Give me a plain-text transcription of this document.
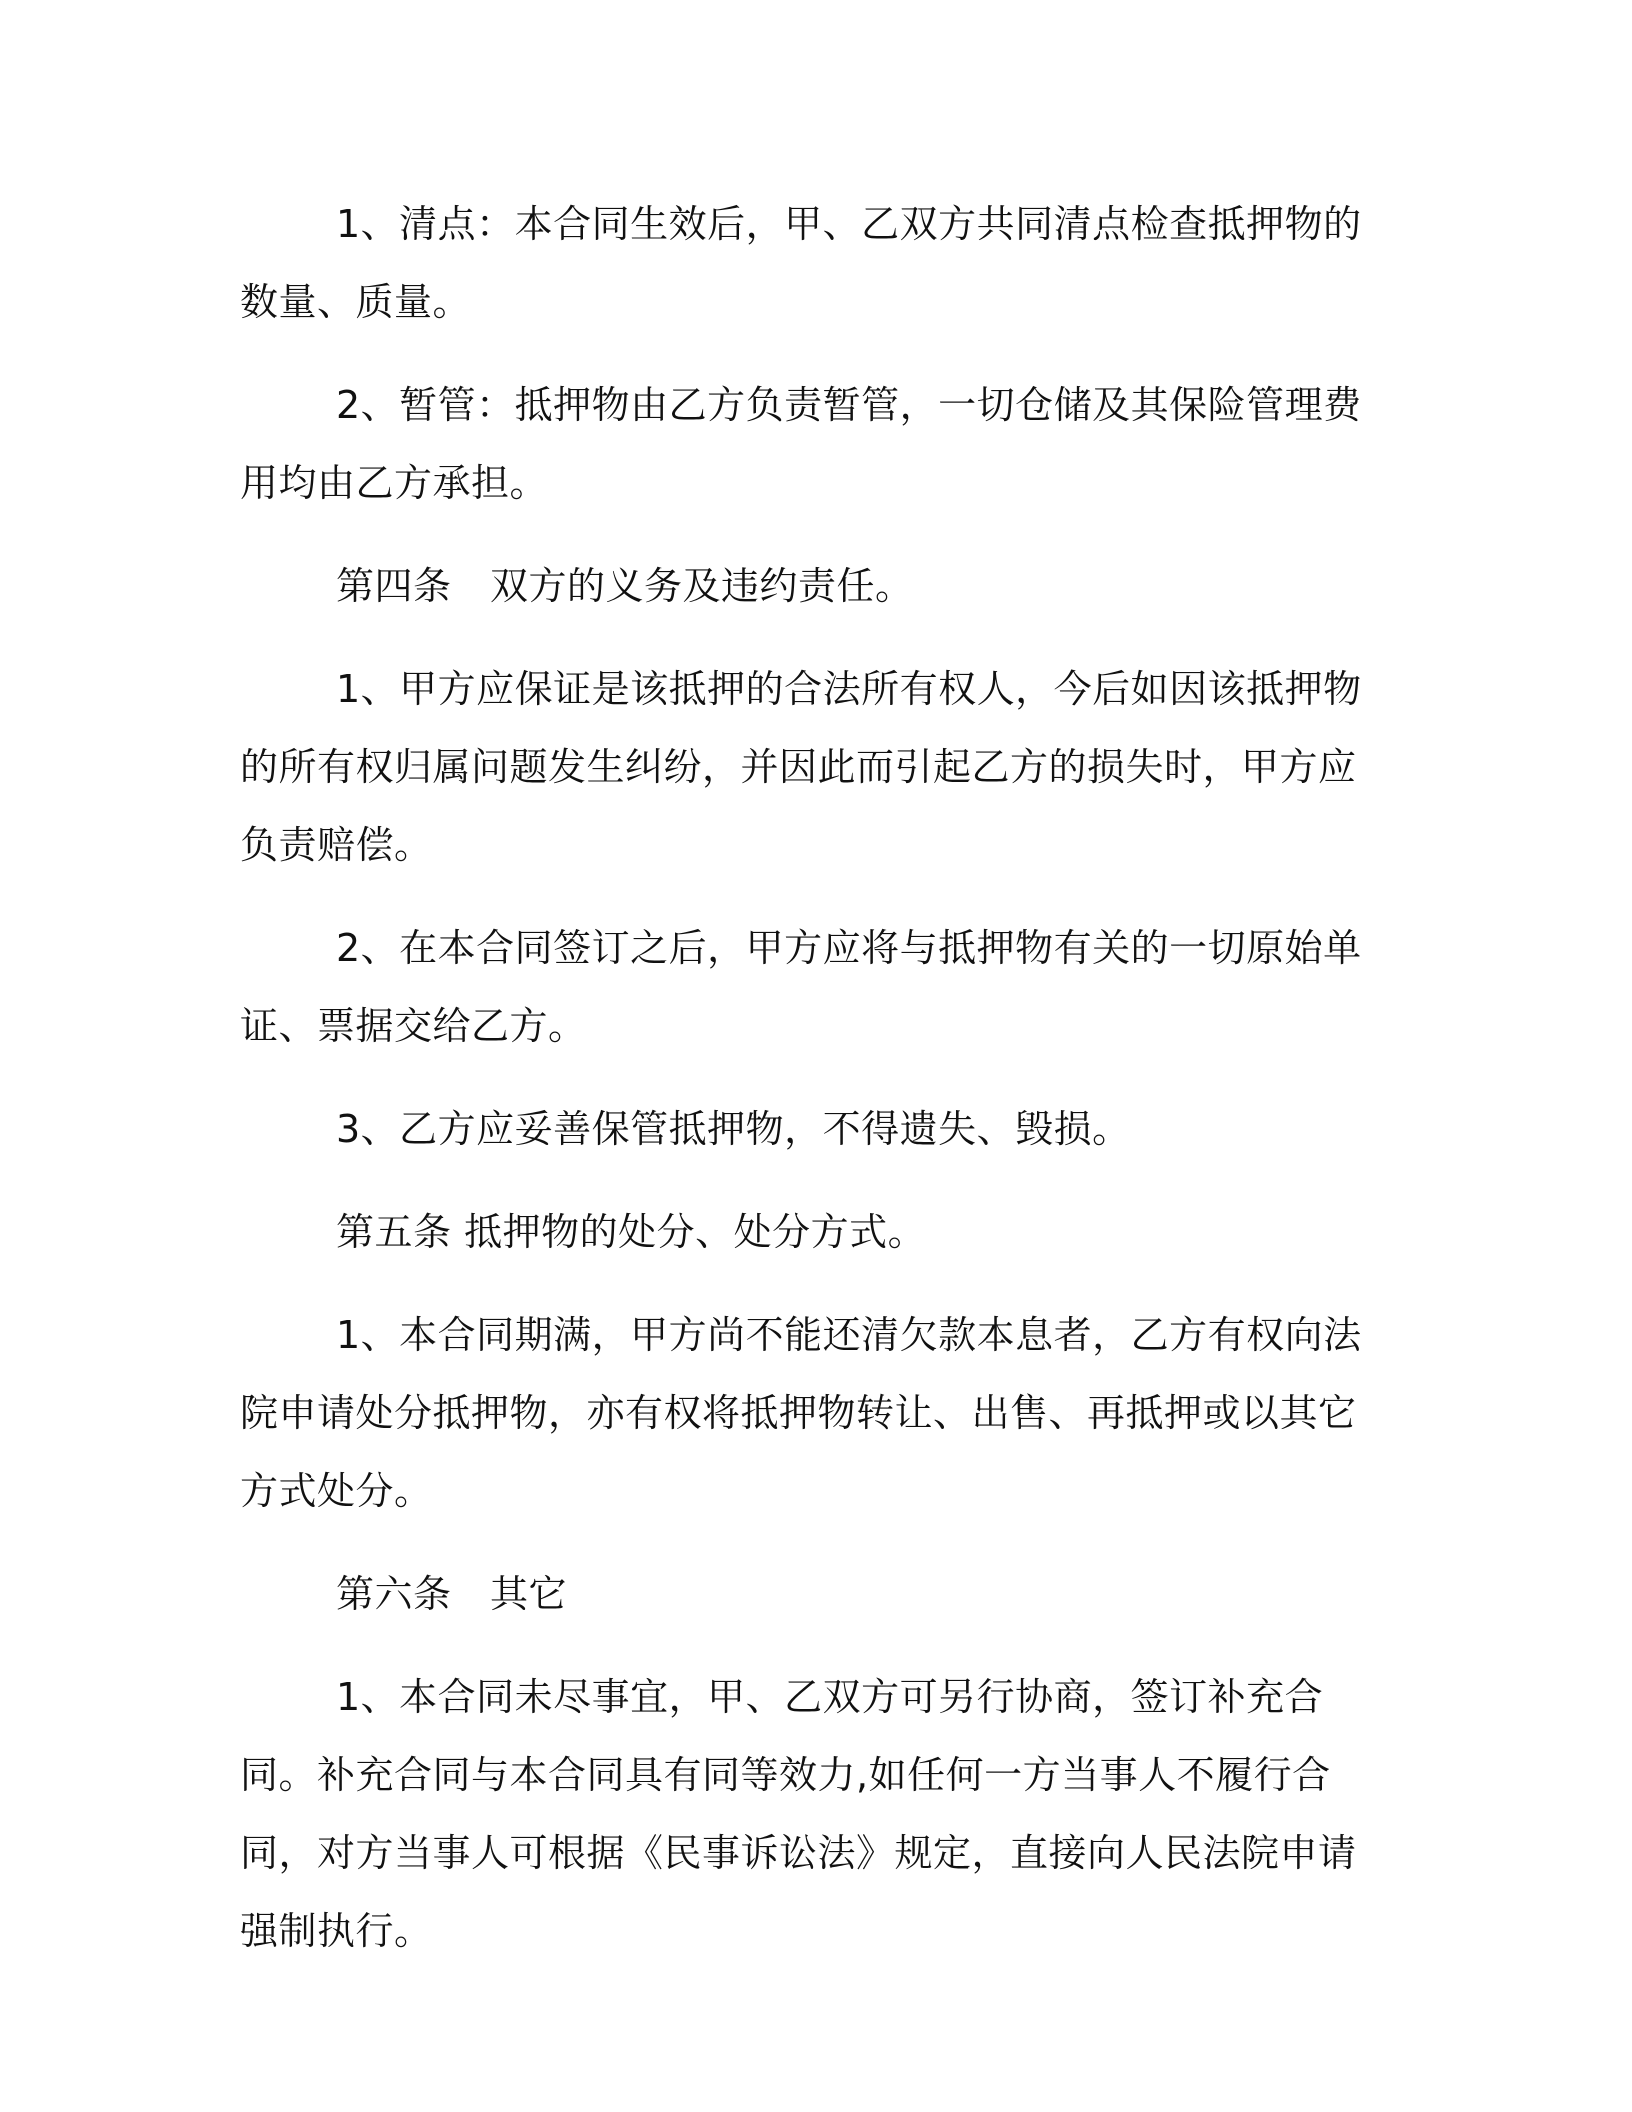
1、清点：本合同生效后，甲、乙双方共同清点检查抵押物的数量、质量。

2、暂管：抵押物由乙方负责暂管，一切仓储及其保险管理费用均由乙方承担。

第四条　双方的义务及违约责任。

1、甲方应保证是该抵押的合法所有权人，今后如因该抵押物的所有权归属问题发生纠纷，并因此而引起乙方的损失时，甲方应负责赔偿。

2、在本合同签订之后，甲方应将与抵押物有关的一切原始单证、票据交给乙方。

3、乙方应妥善保管抵押物，不得遗失、毁损。

第五条 抵押物的处分、处分方式。

1、本合同期满，甲方尚不能还清欠款本息者，乙方有权向法院申请处分抵押物，亦有权将抵押物转让、出售、再抵押或以其它方式处分。

第六条　其它

1、本合同未尽事宜，甲、乙双方可另行协商，签订补充合同。补充合同与本合同具有同等效力,如任何一方当事人不履行合同，对方当事人可根据《民事诉讼法》规定，直接向人民法院申请强制执行。
